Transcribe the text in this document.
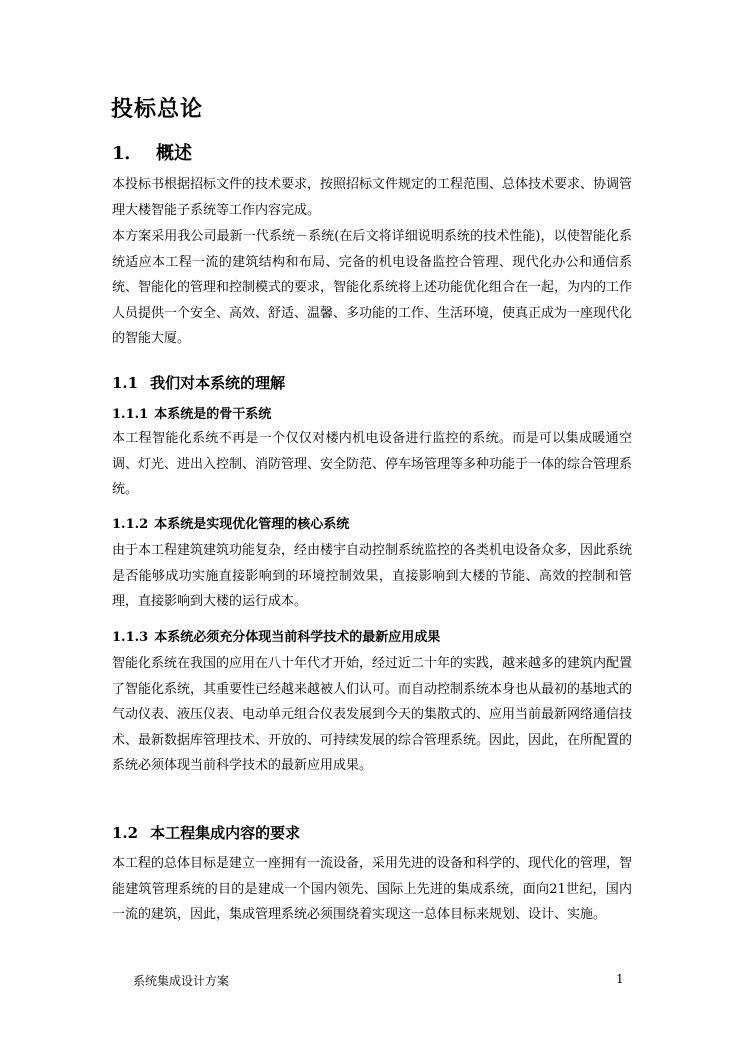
投标总论
1． 概述

本投标书根据招标文件的技术要求，按照招标文件规定的工程范围、总体技术要求、协调管理大楼智能子系统等工作内容完成。

本方案采用我公司最新一代系统－系统(在后文将详细说明系统的技术性能)，以使智能化系统适应本工程一流的建筑结构和布局、完备的机电设备监控合管理、现代化办公和通信系统、智能化的管理和控制模式的要求，智能化系统将上述功能优化组合在一起，为内的工作人员提供一个安全、高效、舒适、温馨、多功能的工作、生活环境，使真正成为一座现代化的智能大厦。

1.1 我们对本系统的理解
1.1.1 本系统是的骨干系统

本工程智能化系统不再是一个仅仅对楼内机电设备进行监控的系统。而是可以集成暖通空调、灯光、进出入控制、消防管理、安全防范、停车场管理等多种功能于一体的综合管理系统。

1.1.2 本系统是实现优化管理的核心系统

由于本工程建筑建筑功能复杂，经由楼宇自动控制系统监控的各类机电设备众多，因此系统是否能够成功实施直接影响到的环境控制效果，直接影响到大楼的节能、高效的控制和管理，直接影响到大楼的运行成本。

1.1.3 本系统必须充分体现当前科学技术的最新应用成果

智能化系统在我国的应用在八十年代才开始，经过近二十年的实践，越来越多的建筑内配置了智能化系统，其重要性已经越来越被人们认可。而自动控制系统本身也从最初的基地式的气动仪表、液压仪表、电动单元组合仪表发展到今天的集散式的、应用当前最新网络通信技术、最新数据库管理技术、开放的、可持续发展的综合管理系统。因此，因此，在所配置的系统必须体现当前科学技术的最新应用成果。

1.2 本工程集成内容的要求

本工程的总体目标是建立一座拥有一流设备，采用先进的设备和科学的、现代化的管理，智能建筑管理系统的目的是建成一个国内领先、国际上先进的集成系统，面向21世纪，国内一流的建筑，因此，集成管理系统必须围绕着实现这一总体目标来规划、设计、实施。

系统集成设计方案	1
